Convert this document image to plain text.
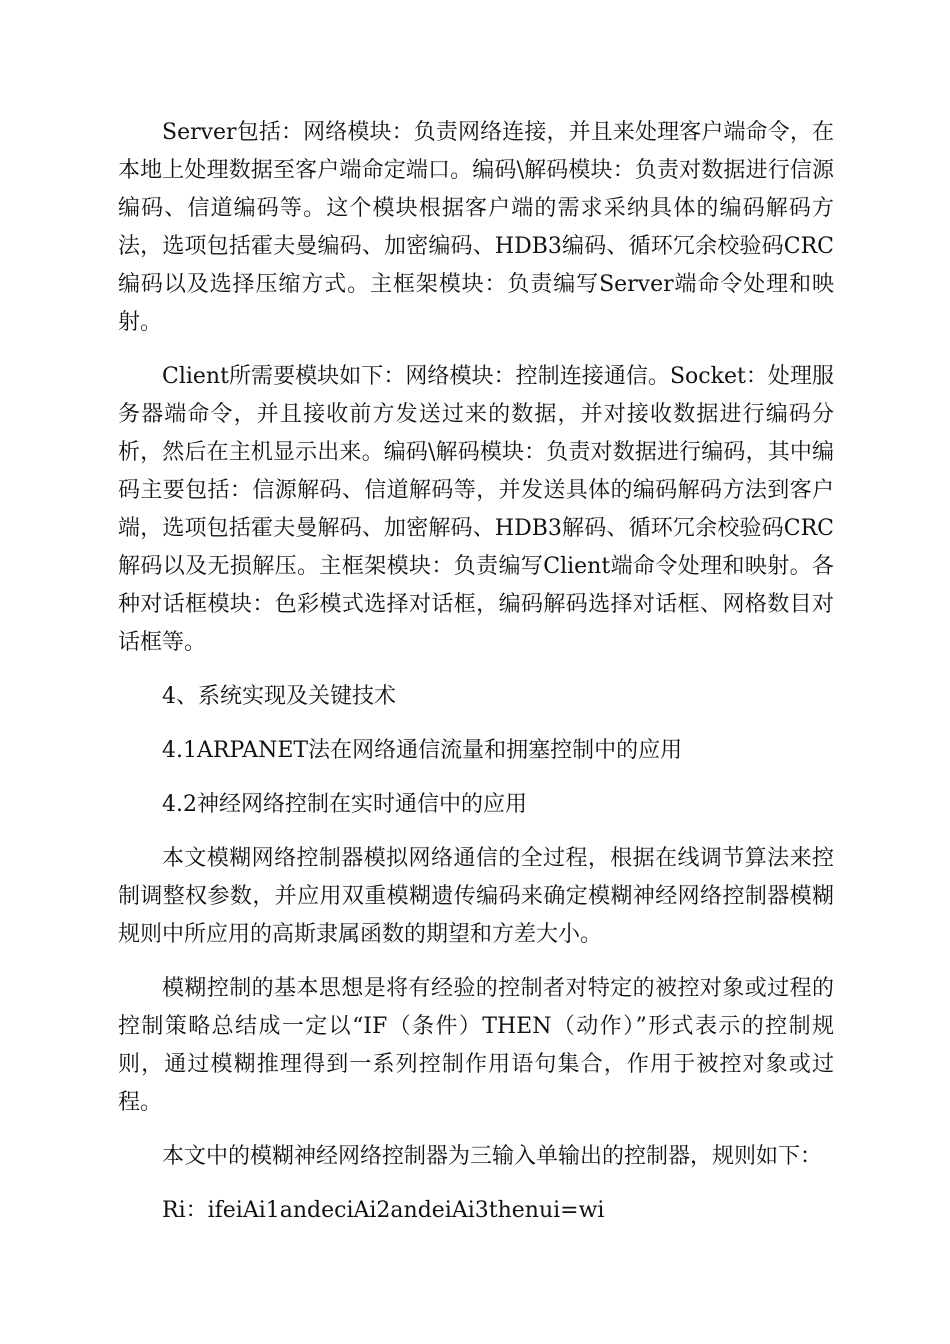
Server包括：网络模块：负责网络连接，并且来处理客户端命令，在本地上处理数据至客户端命定端口。编码\解码模块：负责对数据进行信源编码、信道编码等。这个模块根据客户端的需求采纳具体的编码解码方法，选项包括霍夫曼编码、加密编码、HDB3编码、循环冗余校验码CRC编码以及选择压缩方式。主框架模块：负责编写Server端命令处理和映射。

Client所需要模块如下：网络模块：控制连接通信。Socket：处理服务器端命令，并且接收前方发送过来的数据，并对接收数据进行编码分析，然后在主机显示出来。编码\解码模块：负责对数据进行编码，其中编码主要包括：信源解码、信道解码等，并发送具体的编码解码方法到客户端，选项包括霍夫曼解码、加密解码、HDB3解码、循环冗余校验码CRC解码以及无损解压。主框架模块：负责编写Client端命令处理和映射。各种对话框模块：色彩模式选择对话框，编码解码选择对话框、网格数目对话框等。

4、系统实现及关键技术

4.1ARPANET法在网络通信流量和拥塞控制中的应用

4.2神经网络控制在实时通信中的应用

本文模糊网络控制器模拟网络通信的全过程，根据在线调节算法来控制调整权参数，并应用双重模糊遗传编码来确定模糊神经网络控制器模糊规则中所应用的高斯隶属函数的期望和方差大小。

模糊控制的基本思想是将有经验的控制者对特定的被控对象或过程的控制策略总结成一定以“IF（条件）THEN（动作）”形式表示的控制规则，通过模糊推理得到一系列控制作用语句集合，作用于被控对象或过程。

本文中的模糊神经网络控制器为三输入单输出的控制器，规则如下：

Ri：ifeiAi1andeciAi2andeiAi3thenui=wi
